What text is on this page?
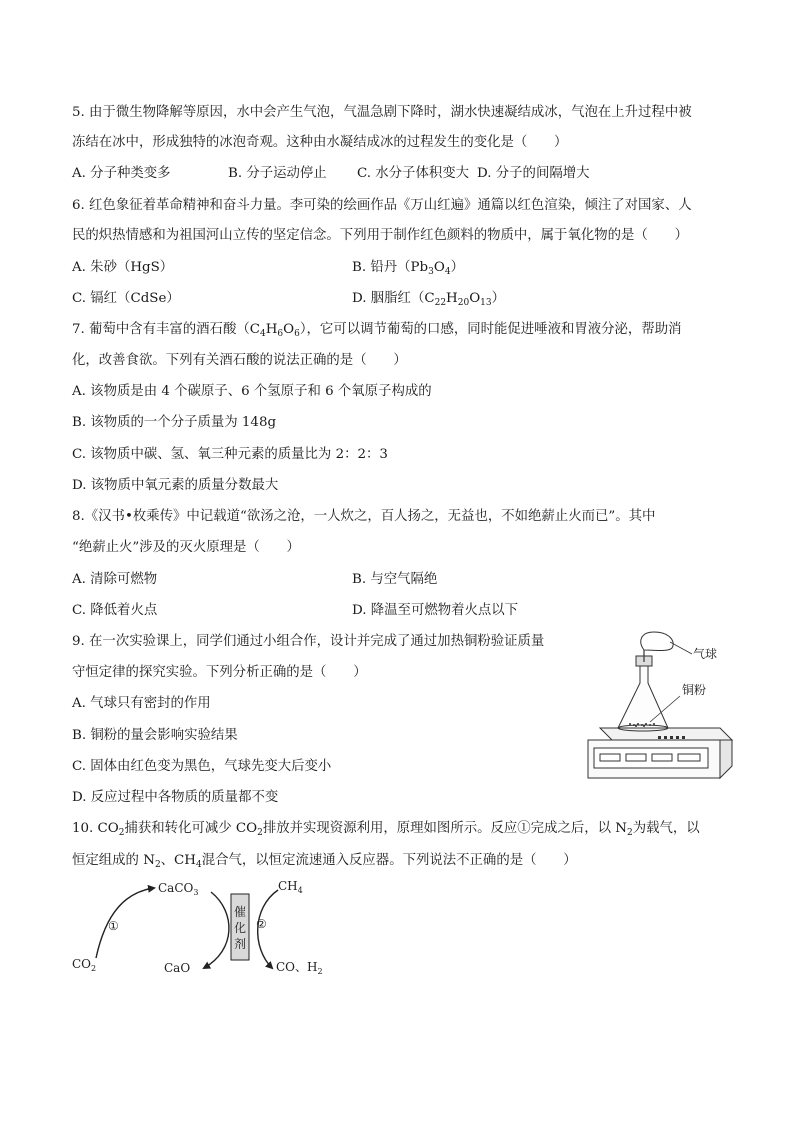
5. 由于微生物降解等原因，水中会产生气泡，气温急剧下降时，湖水快速凝结成冰，气泡在上升过程中被
冻结在冰中，形成独特的冰泡奇观。这种由水凝结成冰的过程发生的变化是（　　）
A. 分子种类变多	B. 分子运动停止 C. 水分子体积变大 D. 分子的间隔增大
6. 红色象征着革命精神和奋斗力量。李可染的绘画作品《万山红遍》通篇以红色渲染，倾注了对国家、人
民的炽热情感和为祖国河山立传的坚定信念。下列用于制作红色颜料的物质中，属于氧化物的是（　　）
A. 朱砂（HgS）	B. 铅丹$(Pb_3O_4)$
C. 镉红（CdSe）	D. 胭脂红$(C_{22}H_{20}O_{13})$
7. 葡萄中含有丰富的酒石酸$(C_4H_6O_6)$，它可以调节葡萄的口感，同时能促进唾液和胃液分泌，帮助消
化，改善食欲。下列有关酒石酸的说法正确的是（　　）
A. 该物质是由 4 个碳原子、6 个氢原子和 6 个氧原子构成的
B. 该物质的一个分子质量为 148g
C. 该物质中碳、氢、氧三种元素的质量比为 2：2：3
D. 该物质中氧元素的质量分数最大
8.《汉书•枚乘传》中记载道“欲汤之沧，一人炊之，百人扬之，无益也，不如绝薪止火而已”。其中
“绝薪止火”涉及的灭火原理是（　　）
A. 清除可燃物	B. 与空气隔绝
C. 降低着火点	D. 降温至可燃物着火点以下
9. 在一次实验课上，同学们通过小组合作，设计并完成了通过加热铜粉验证质量
守恒定律的探究实验。下列分析正确的是（　　）
A. 气球只有密封的作用
B. 铜粉的量会影响实验结果
C. 固体由红色变为黑色，气球先变大后变小
D. 反应过程中各物质的质量都不变
气球
铜粉
10. $CO_2$捕获和转化可减少 $CO_2$排放并实现资源利用，原理如图所示。反应①完成之后，以 $N_2$为载气，以
恒定组成的 $N_2$、$CH_4$混合气，以恒定流速通入反应器。下列说法不正确的是（　　）
催
化
剂
①	②
CaCO$_3$
$CO_2$	CaO
$CH_4$
CO、$H_2$
